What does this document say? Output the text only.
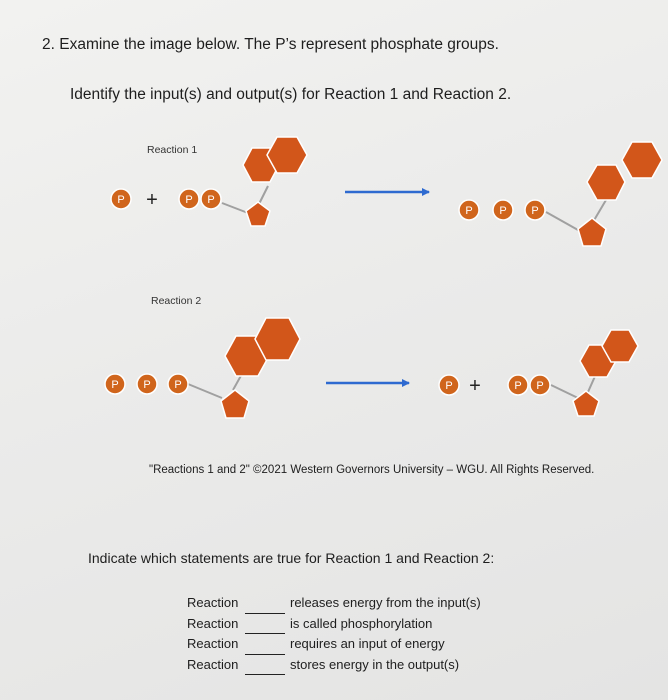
2. Examine the image below. The P’s represent phosphate groups.
Identify the input(s) and output(s) for Reaction 1 and Reaction 2.
Reaction 1
P + P P
P P P
Reaction 2
P P P	P +	P P
"Reactions 1 and 2" ©2021 Western Governors University – WGU. All Rights Reserved.
Indicate which statements are true for Reaction 1 and Reaction 2:
Reaction	releases energy from the input(s)
Reaction	is called phosphorylation
Reaction	requires an input of energy
Reaction	stores energy in the output(s)
